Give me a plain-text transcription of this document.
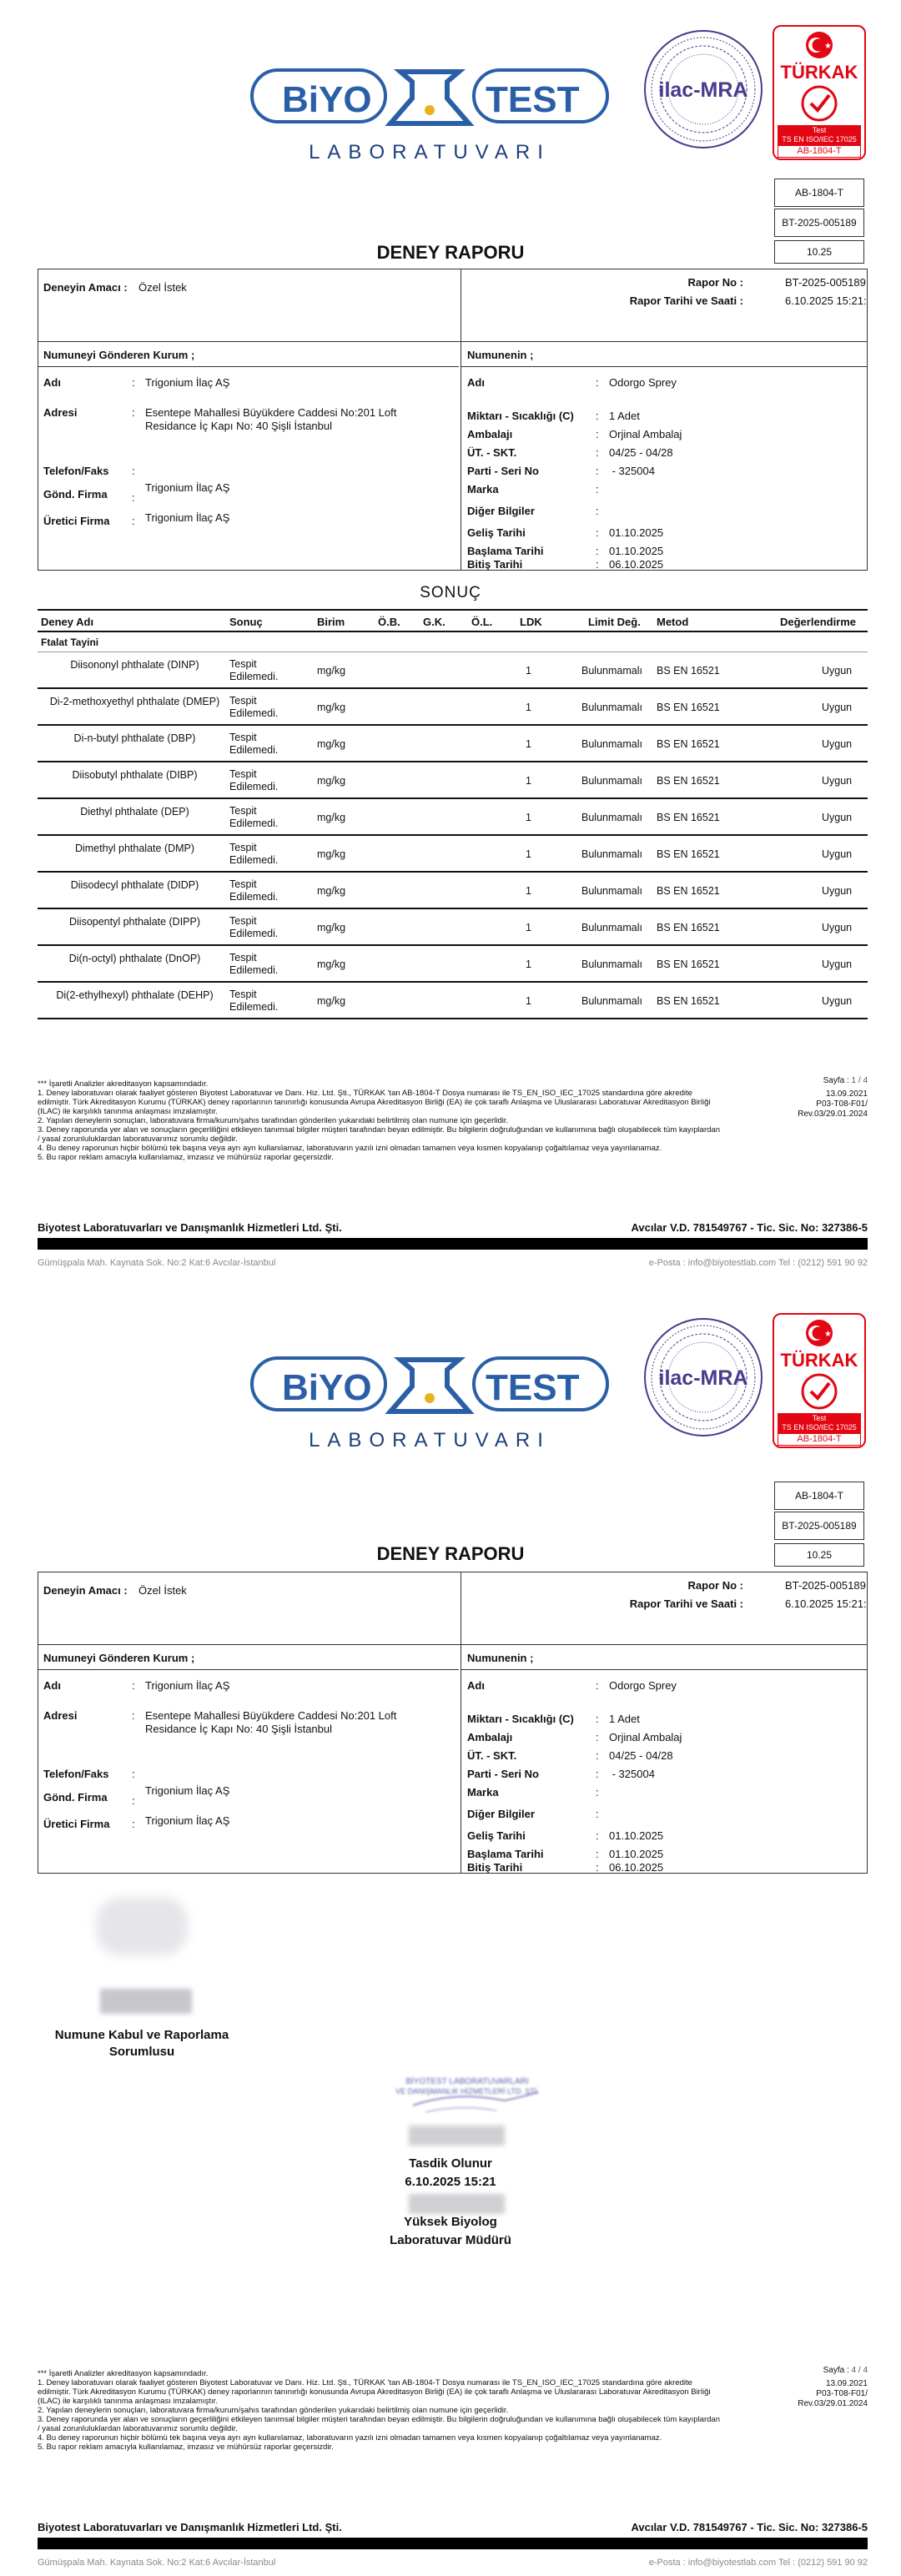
BiYO	TEST
LABORATUVARI
ilac-MRA
★
TÜRKAK
Test
TS EN ISO/IEC 17025
AB-1804-T
AB-1804-T
BT-2025-005189
10.25
DENEY RAPORU
Deneyin Amacı : Özel İstek	Rapor No :	BT-2025-005189
Rapor Tarihi ve Saati :	6.10.2025 15:21:
Numuneyi Gönderen Kurum ;	Numunenin ;
Adı	: Trigonium İlaç AŞ
Adresi	: Esentepe Mahallesi Büyükdere Caddesi No:201 Loft Residance İç Kapı No: 40 Şişli İstanbul
Telefon/Faks :
Gönd. Firma :
Trigonium İlaç AŞ
Üretici Firma : Trigonium İlaç AŞ
Adı	: Odorgo Sprey
Miktarı - Sıcaklığı (C) : 1 Adet
Ambalajı	: Orjinal Ambalaj
ÜT. - SKT.	: 04/25 - 04/28
Parti - Seri No	: - 325004
Marka	:
Diğer Bilgiler	:
Geliş Tarihi	: 01.10.2025
Başlama Tarihi	: 01.10.2025
Bitiş Tarihi	: 06.10.2025
SONUÇ
Deney Adı	Sonuç	Birim	Ö.B. G.K. Ö.L.	LDK	Limit Değ. Metod	Değerlendirme
Ftalat Tayini
Diisononyl phthalate (DINP)	Tespit Edilemedi.	mg/kg	1	Bulunmamalı BS EN 16521	Uygun
Di-2-methoxyethyl phthalate (DMEP) Tespit Edilemedi.	mg/kg	1	Bulunmamalı BS EN 16521	Uygun
Di-n-butyl phthalate (DBP)	Tespit Edilemedi.	mg/kg	1	Bulunmamalı BS EN 16521	Uygun
Diisobutyl phthalate (DIBP)	Tespit Edilemedi.	mg/kg	1	Bulunmamalı BS EN 16521	Uygun
Diethyl phthalate (DEP)	Tespit Edilemedi.	mg/kg	1	Bulunmamalı BS EN 16521	Uygun
Dimethyl phthalate (DMP)	Tespit Edilemedi.	mg/kg	1	Bulunmamalı BS EN 16521	Uygun
Diisodecyl phthalate (DIDP)	Tespit Edilemedi.	mg/kg	1	Bulunmamalı BS EN 16521	Uygun
Diisopentyl phthalate (DIPP)	Tespit Edilemedi.	mg/kg	1	Bulunmamalı BS EN 16521	Uygun
Di(n-octyl) phthalate (DnOP)	Tespit Edilemedi.	mg/kg	1	Bulunmamalı BS EN 16521	Uygun
Di(2-ethylhexyl) phthalate (DEHP)	Tespit Edilemedi.	mg/kg	1	Bulunmamalı BS EN 16521	Uygun
*** İşaretli Analizler akreditasyon kapsamındadır.
1. Deney laboratuvarı olarak faaliyet gösteren Biyotest Laboratuvar ve Danı. Hiz. Ltd. Şti., TÜRKAK 'tan AB-1804-T Dosya numarası ile TS_EN_ISO_IEC_17025 standardına göre akredite edilmiştir. Türk Akreditasyon Kurumu (TÜRKAK) deney raporlarının tanınırlığı konusunda Avrupa Akreditasyon Birliği (EA) ile çok taraflı Anlaşma ve Uluslararası Laboratuvar Akreditasyon Birliği (ILAC) ile karşılıklı tanınma anlaşması imzalamıştır.
2. Yapılan deneylerin sonuçları, laboratuvara firma/kurum/şahıs tarafından gönderilen yukarıdaki belirtilmiş olan numune için geçerlidir.
3. Deney raporunda yer alan ve sonuçların geçerliliğini etkileyen tanımsal bilgiler müşteri tarafından beyan edilmiştir. Bu bilgilerin doğruluğundan ve kullanımına bağlı oluşabilecek tüm kayıplardan / yasal zorunluluklardan laboratuvarımız sorumlu değildir.
4. Bu deney raporunun hiçbir bölümü tek başına veya ayrı ayrı kullanılamaz, laboratuvarın yazılı izni olmadan tamamen veya kısmen kopyalanıp çoğaltılamaz veya yayınlanamaz.
5. Bu rapor reklam amacıyla kullanılamaz, imzasız ve mühürsüz raporlar geçersizdir.
Sayfa : 1 / 4
13.09.2021
P03-T08-F01/
Rev.03/29.01.2024
Biyotest Laboratuvarları ve Danışmanlık Hizmetleri Ltd. Şti.	Avcılar V.D. 781549767 - Tic. Sic. No: 327386-5
Gümüşpala Mah. Kaynata Sok. No:2 Kat:6 Avcılar-İstanbul	e-Posta : info@biyotestlab.com Tel : (0212) 591 90 92
BiYO	TEST
LABORATUVARI
ilac-MRA
★
TÜRKAK
Test
TS EN ISO/IEC 17025
AB-1804-T
AB-1804-T
BT-2025-005189
10.25
DENEY RAPORU
Deneyin Amacı : Özel İstek	Rapor No :	BT-2025-005189
Rapor Tarihi ve Saati :	6.10.2025 15:21:
Numuneyi Gönderen Kurum ;	Numunenin ;
Adı	: Trigonium İlaç AŞ
Adresi	: Esentepe Mahallesi Büyükdere Caddesi No:201 Loft Residance İç Kapı No: 40 Şişli İstanbul
Telefon/Faks :
Gönd. Firma :
Trigonium İlaç AŞ
Üretici Firma : Trigonium İlaç AŞ
Adı	: Odorgo Sprey
Miktarı - Sıcaklığı (C) : 1 Adet
Ambalajı	: Orjinal Ambalaj
ÜT. - SKT.	: 04/25 - 04/28
Parti - Seri No	: - 325004
Marka	:
Diğer Bilgiler	:
Geliş Tarihi	: 01.10.2025
Başlama Tarihi	: 01.10.2025
Bitiş Tarihi	: 06.10.2025
Numune Kabul ve Raporlama Sorumlusu
BİYOTEST LABORATUVARLARI
VE DANIŞMANLIK HİZMETLERİ LTD. ŞTİ.
Tasdik Olunur
6.10.2025 15:21
Yüksek Biyolog
Laboratuvar Müdürü
*** İşaretli Analizler akreditasyon kapsamındadır.
1. Deney laboratuvarı olarak faaliyet gösteren Biyotest Laboratuvar ve Danı. Hiz. Ltd. Şti., TÜRKAK 'tan AB-1804-T Dosya numarası ile TS_EN_ISO_IEC_17025 standardına göre akredite edilmiştir. Türk Akreditasyon Kurumu (TÜRKAK) deney raporlarının tanınırlığı konusunda Avrupa Akreditasyon Birliği (EA) ile çok taraflı Anlaşma ve Uluslararası Laboratuvar Akreditasyon Birliği (ILAC) ile karşılıklı tanınma anlaşması imzalamıştır.
2. Yapılan deneylerin sonuçları, laboratuvara firma/kurum/şahıs tarafından gönderilen yukarıdaki belirtilmiş olan numune için geçerlidir.
3. Deney raporunda yer alan ve sonuçların geçerliliğini etkileyen tanımsal bilgiler müşteri tarafından beyan edilmiştir. Bu bilgilerin doğruluğundan ve kullanımına bağlı oluşabilecek tüm kayıplardan / yasal zorunluluklardan laboratuvarımız sorumlu değildir.
4. Bu deney raporunun hiçbir bölümü tek başına veya ayrı ayrı kullanılamaz, laboratuvarın yazılı izni olmadan tamamen veya kısmen kopyalanıp çoğaltılamaz veya yayınlanamaz.
5. Bu rapor reklam amacıyla kullanılamaz, imzasız ve mühürsüz raporlar geçersizdir.
Sayfa : 4 / 4
13.09.2021
P03-T08-F01/
Rev.03/29.01.2024
Biyotest Laboratuvarları ve Danışmanlık Hizmetleri Ltd. Şti.	Avcılar V.D. 781549767 - Tic. Sic. No: 327386-5
Gümüşpala Mah. Kaynata Sok. No:2 Kat:6 Avcılar-İstanbul	e-Posta : info@biyotestlab.com Tel : (0212) 591 90 92
